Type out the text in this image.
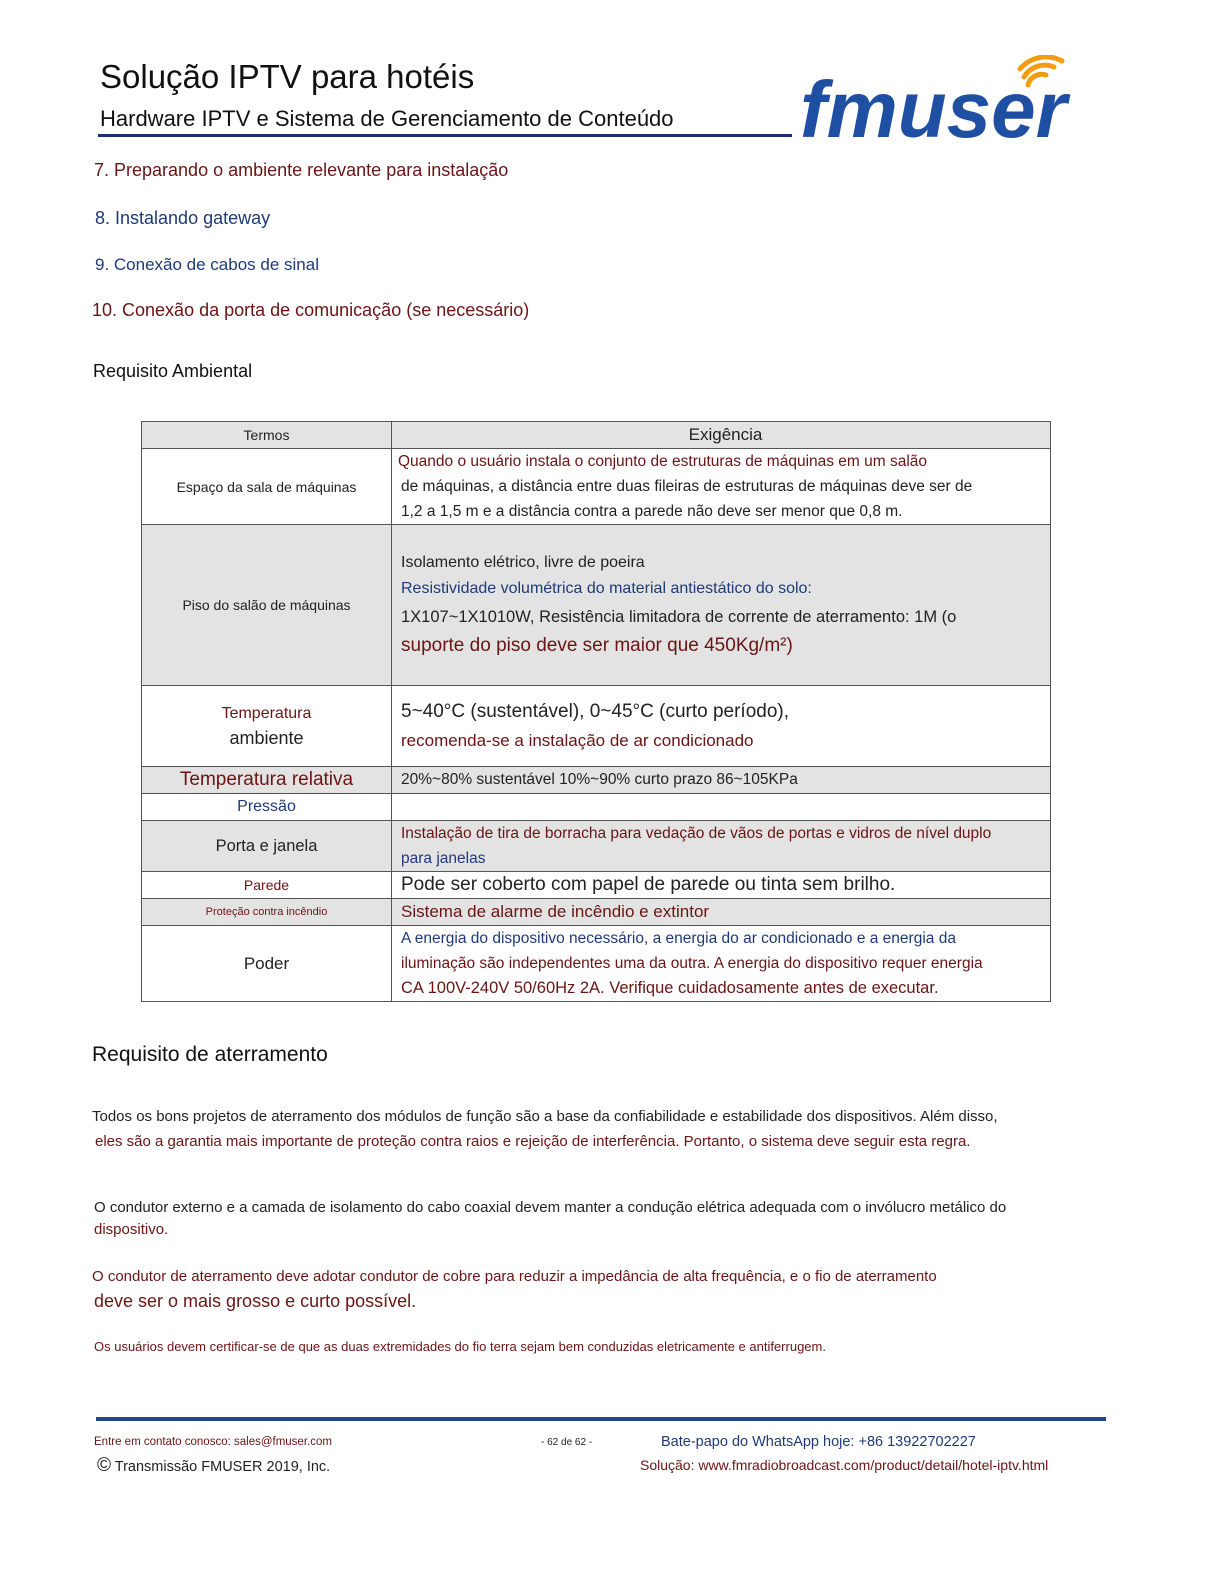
Solução IPTV para hotéis
Hardware IPTV e Sistema de Gerenciamento de Conteúdo fmuser
7. Preparando o ambiente relevante para instalação
8. Instalando gateway
9. Conexão de cabos de sinal
10. Conexão da porta de comunicação (se necessário)
Requisito Ambiental
Termos	Exigência
Espaço da sala de máquinas	Quando o usuário instala o conjunto de estruturas de máquinas em um salão
de máquinas, a distância entre duas fileiras de estruturas de máquinas deve ser de
1,2 a 1,5 m e a distância contra a parede não deve ser menor que 0,8 m.

Piso do salão de máquinas	Isolamento elétrico, livre de poeira
Resistividade volumétrica do material antiestático do solo:
1X107~1X1010W, Resistência limitadora de corrente de aterramento: 1M (o
suporte do piso deve ser maior que 450Kg/m²)

Temperatura
ambiente	5~40°C (sustentável), 0~45°C (curto período),
recomenda-se a instalação de ar condicionado

Temperatura relativa	20%~80% sustentável 10%~90% curto prazo 86~105KPa
Pressão	
Porta e janela	Instalação de tira de borracha para vedação de vãos de portas e vidros de nível duplo
para janelas

Parede	Pode ser coberto com papel de parede ou tinta sem brilho.
Proteção contra incêndio	Sistema de alarme de incêndio e extintor
Poder	A energia do dispositivo necessário, a energia do ar condicionado e a energia da
iluminação são independentes uma da outra. A energia do dispositivo requer energia
CA 100V-240V 50/60Hz 2A. Verifique cuidadosamente antes de executar.
Requisito de aterramento
Todos os bons projetos de aterramento dos módulos de função são a base da confiabilidade e estabilidade dos dispositivos. Além disso,
eles são a garantia mais importante de proteção contra raios e rejeição de interferência. Portanto, o sistema deve seguir esta regra.
O condutor externo e a camada de isolamento do cabo coaxial devem manter a condução elétrica adequada com o invólucro metálico do
dispositivo.
O condutor de aterramento deve adotar condutor de cobre para reduzir a impedância de alta frequência, e o fio de aterramento
deve ser o mais grosso e curto possível.
Os usuários devem certificar-se de que as duas extremidades do fio terra sejam bem conduzidas eletricamente e antiferrugem.
Entre em contato conosco: sales@fmuser.com
© Transmissão FMUSER 2019, Inc.
- 62 de 62 -	Bate-papo do WhatsApp hoje: +86 13922702227
Solução: www.fmradiobroadcast.com/product/detail/hotel-iptv.html
